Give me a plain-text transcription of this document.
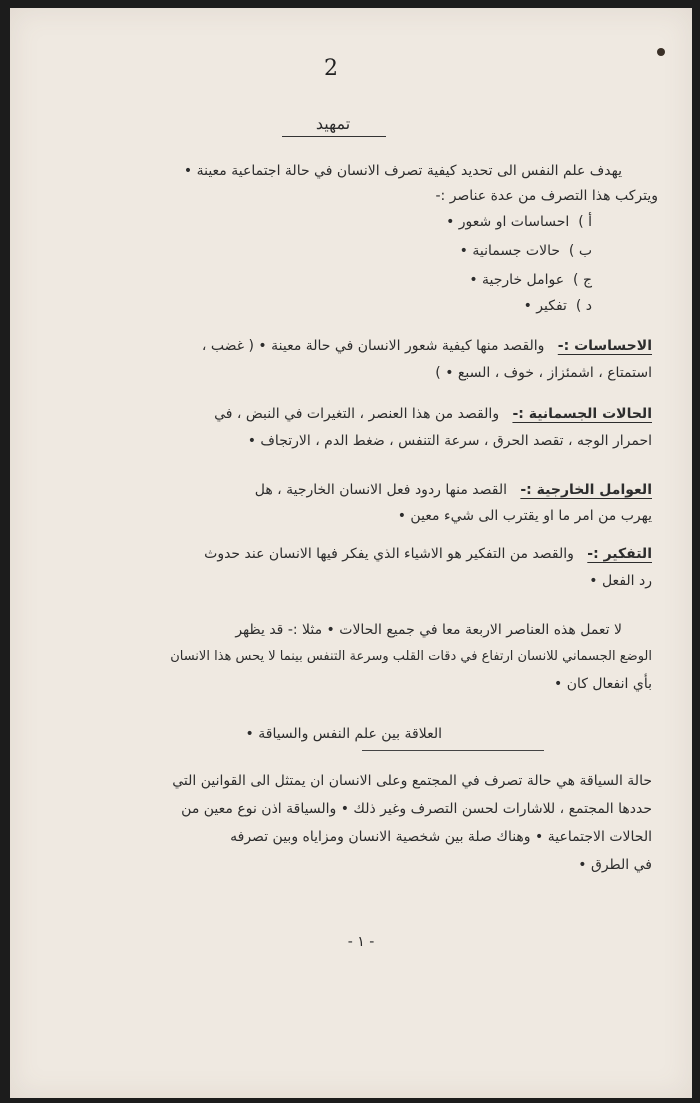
2
تمهيد
يهدف علم النفس الى تحديد كيفية تصرف الانسان في حالة اجتماعية معينة •
ويتركب هذا التصرف من عدة عناصر :-
أ )  احساسات او شعور •
ب )  حالات جسمانية •
ج )  عوامل خارجية •
د )  تفكير •
الاحساسات :-   والقصد منها كيفية شعور الانسان في حالة معينة • ( غضب ،
استمتاع ، اشمئزاز ، خوف ، السبع • )
الحالات الجسمانية :-   والقصد من هذا العنصر ، التغيرات في النبض ، في
احمرار الوجه ، تقصد الحرق ، سرعة التنفس ، ضغط الدم ، الارتجاف •
العوامل الخارجية :-   القصد منها ردود فعل الانسان الخارجية ، هل
يهرب من امر ما او يقترب الى شيء معين •
التفكير :-   والقصد من التفكير هو الاشياء الذي يفكر فيها الانسان عند حدوث
رد الفعل •
لا تعمل هذه العناصر الاربعة معا في جميع الحالات • مثلا :- قد يظهر
الوضع الجسماني للانسان ارتفاع في دقات القلب وسرعة التنفس بينما لا يحس هذا الانسان
بأي انفعال كان •
العلاقة بين علم النفس والسياقة •
حالة السياقة هي حالة تصرف في المجتمع وعلى الانسان ان يمتثل الى القوانين التي
حددها المجتمع ، للاشارات لحسن التصرف وغير ذلك • والسياقة اذن نوع معين من
الحالات الاجتماعية • وهناك صلة بين شخصية الانسان ومزاياه وبين تصرفه
في الطرق •
- ١ -
